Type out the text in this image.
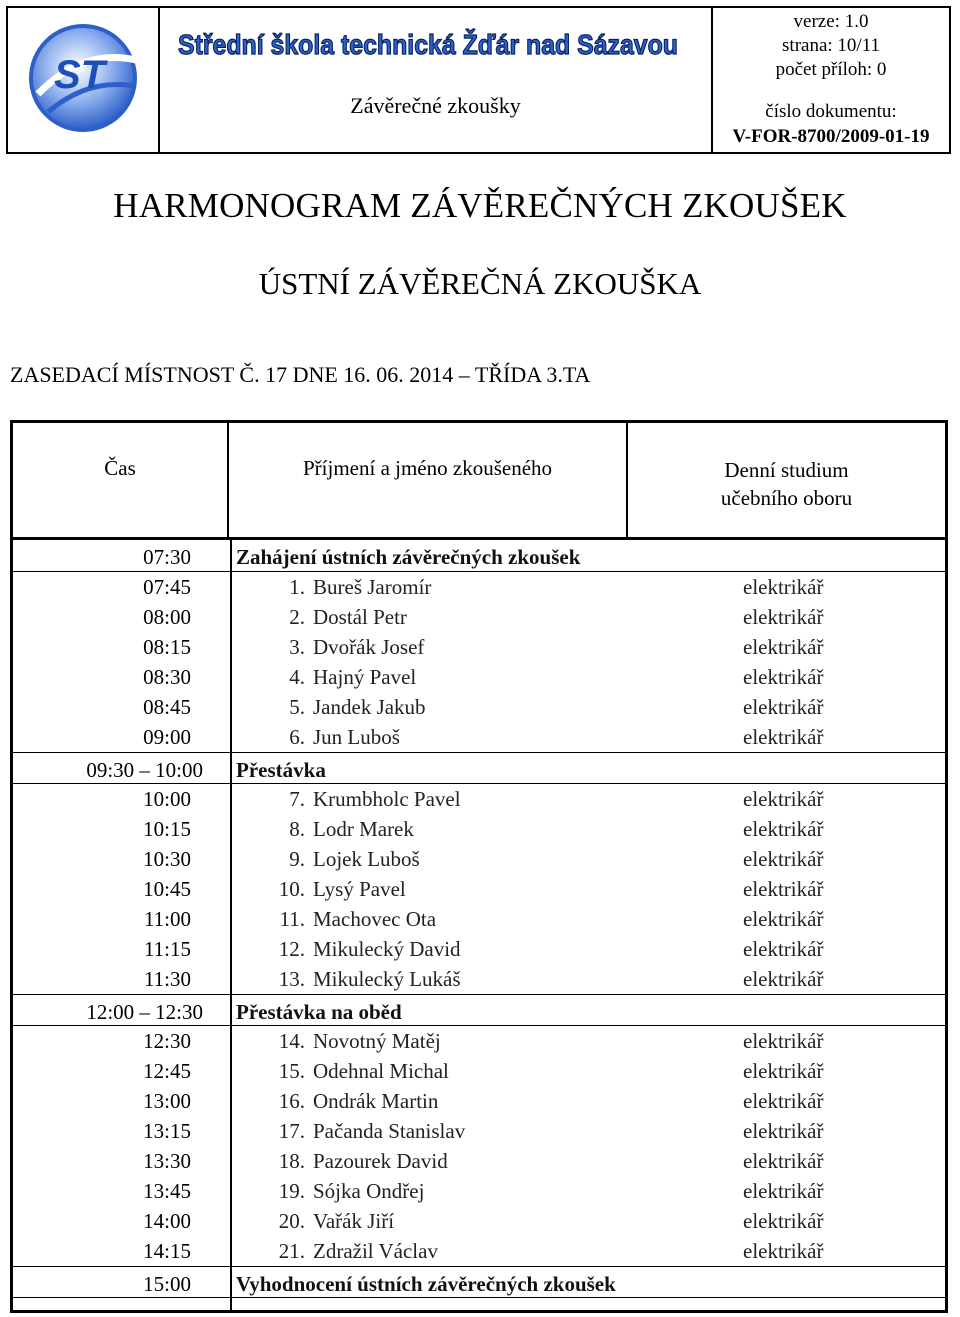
ST
Střední škola technická Žďár nad Sázavou
Závěrečné zkoušky
verze: 1.0
strana: 10/11
počet příloh: 0
číslo dokumentu:
V-FOR-8700/2009-01-19
HARMONOGRAM ZÁVĚREČNÝCH ZKOUŠEK
ÚSTNÍ ZÁVĚREČNÁ ZKOUŠKA
ZASEDACÍ MÍSTNOST Č. 17 DNE 16. 06. 2014 – TŘÍDA 3.TA
Čas	Příjmení a jméno zkoušeného	Denní studium
učebního oboru
07:30 Zahájení ústních závěrečných zkoušek
07:45	1. Bureš Jaromír	elektrikář
08:00	2. Dostál Petr	elektrikář
08:15	3. Dvořák Josef	elektrikář
08:30	4. Hajný Pavel	elektrikář
08:45	5. Jandek Jakub	elektrikář
09:00	6. Jun Luboš	elektrikář
09:30 – 10:00 Přestávka
10:00	7. Krumbholc Pavel	elektrikář
10:15	8. Lodr Marek	elektrikář
10:30	9. Lojek Luboš	elektrikář
10:45	10. Lysý Pavel	elektrikář
11:00	11. Machovec Ota	elektrikář
11:15	12. Mikulecký David	elektrikář
11:30	13. Mikulecký Lukáš	elektrikář
12:00 – 12:30 Přestávka na oběd
12:30	14. Novotný Matěj	elektrikář
12:45	15. Odehnal Michal	elektrikář
13:00	16. Ondrák Martin	elektrikář
13:15	17. Pačanda Stanislav	elektrikář
13:30	18. Pazourek David	elektrikář
13:45	19. Sójka Ondřej	elektrikář
14:00	20. Vařák Jiří	elektrikář
14:15	21. Zdražil Václav	elektrikář
15:00 Vyhodnocení ústních závěrečných zkoušek
